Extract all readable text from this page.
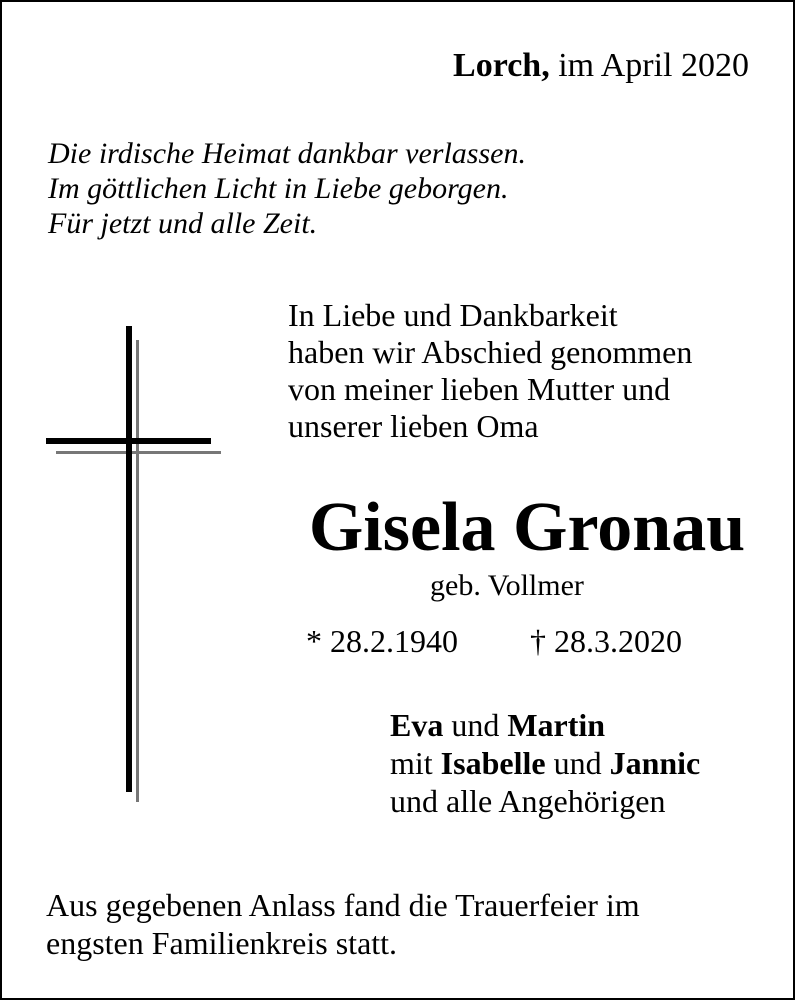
Lorch, im April 2020
Die irdische Heimat dankbar verlassen.
Im göttlichen Licht in Liebe geborgen.
Für jetzt und alle Zeit.
In Liebe und Dankbarkeit
haben wir Abschied genommen
von meiner lieben Mutter und
unserer lieben Oma
Gisela Gronau
geb. Vollmer
* 28.2.1940 † 28.3.2020
Eva und Martin
mit Isabelle und Jannic
und alle Angehörigen
Aus gegebenen Anlass fand die Trauerfeier im
engsten Familienkreis statt.
